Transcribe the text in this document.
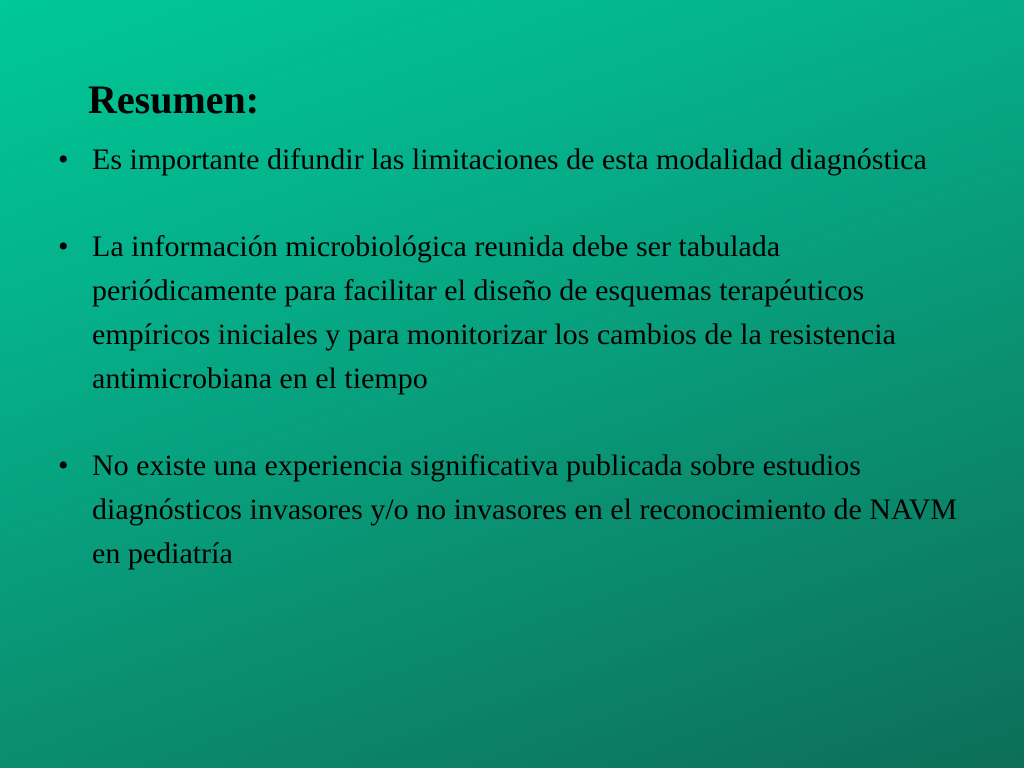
Resumen:
• Es importante difundir las limitaciones de esta modalidad diagnóstica
• La información microbiológica reunida debe ser tabulada periódicamente para facilitar el diseño de esquemas terapéuticos empíricos iniciales y para monitorizar los cambios de la resistencia antimicrobiana en el tiempo
• No existe una experiencia significativa publicada sobre estudios diagnósticos invasores y/o no invasores en el reconocimiento de NAVM en pediatría
